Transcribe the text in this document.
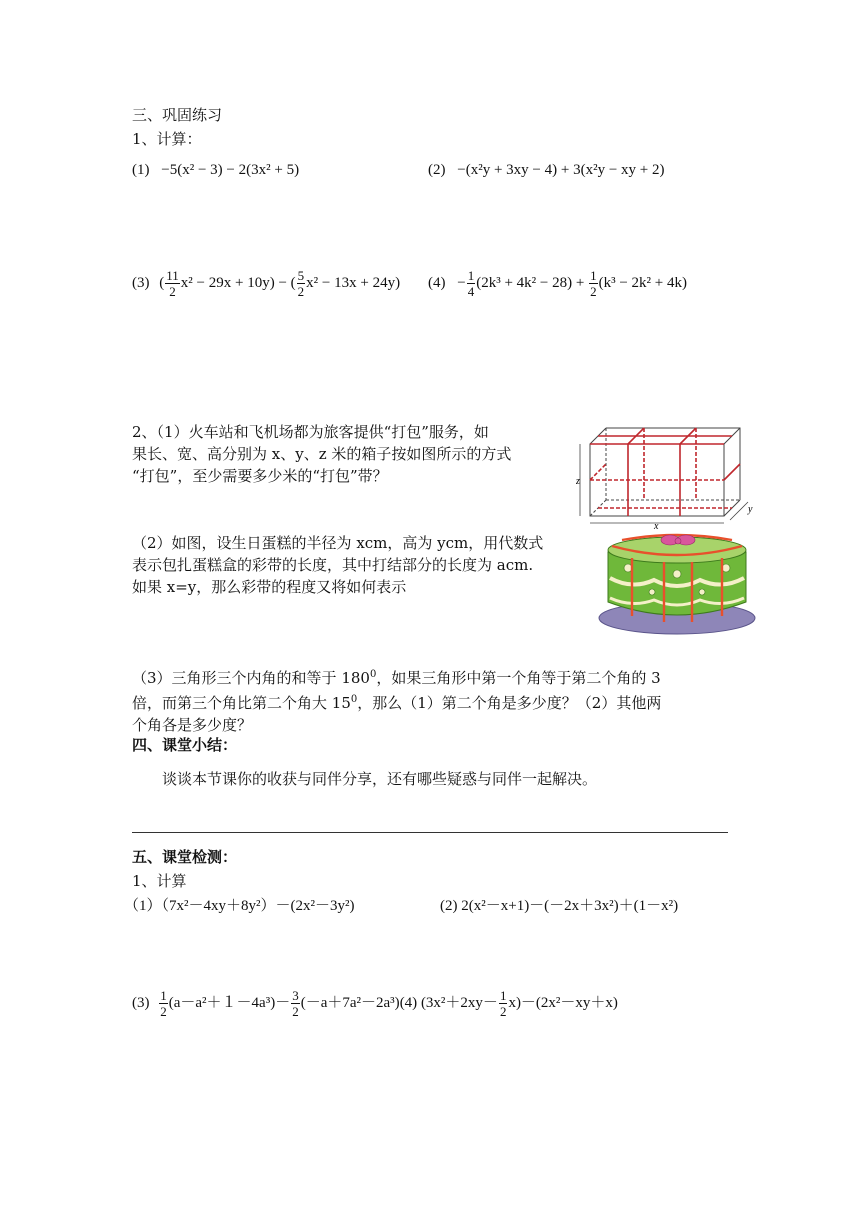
三、巩固练习
1、计算：
(1) −5(x² − 3) − 2(3x² + 5)	(2) −(x²y + 3xy − 4) + 3(x²y − xy + 2)
(3) ( $\frac{11}{2} x^2 - 29x + 10y$) − ( $\frac{5}{2} x^2 - 13x + 24y$) $(4) - \frac{1}{4} (2k^3 + 4k^2 - 28) + \frac{1}{2} (k^3 - 2k^2 + 4k)$
2、（1）火车站和飞机场都为旅客提供“打包”服务，如
果长、宽、高分别为 x、y、z 米的箱子按如图所示的方式
“打包”，至少需要多少米的“打包”带？	z
x
y
（2）如图，设生日蛋糕的半径为 xcm，高为 ycm，用代数式
表示包扎蛋糕盒的彩带的长度，其中打结部分的长度为 acm.
如果 x=y，那么彩带的程度又将如何表示
（3）三角形三个内角的和等于 $180^0$，如果三角形中第一个角等于第二个角的 3
倍，而第三个角比第二个角大 $15^0$，那么（1）第二个角是多少度？（2）其他两
个角各是多少度？
四、课堂小结：
谈谈本节课你的收获与同伴分享，还有哪些疑惑与同伴一起解决。
五、课堂检测：
1、计算
（1）（7x²－4xy＋8y²）－(2x²－3y²)	(2) 2(x²－x+1)－(－2x＋3x²)＋(1－x²)
$(3) \frac{1}{2} (a-a^2+1-4a^3)- \frac{3}{2} (-a+7a^2-2a^3)(4)$ $(3x^2+2xy- \frac{1}{2} x)-(2x^2-xy+x)$
